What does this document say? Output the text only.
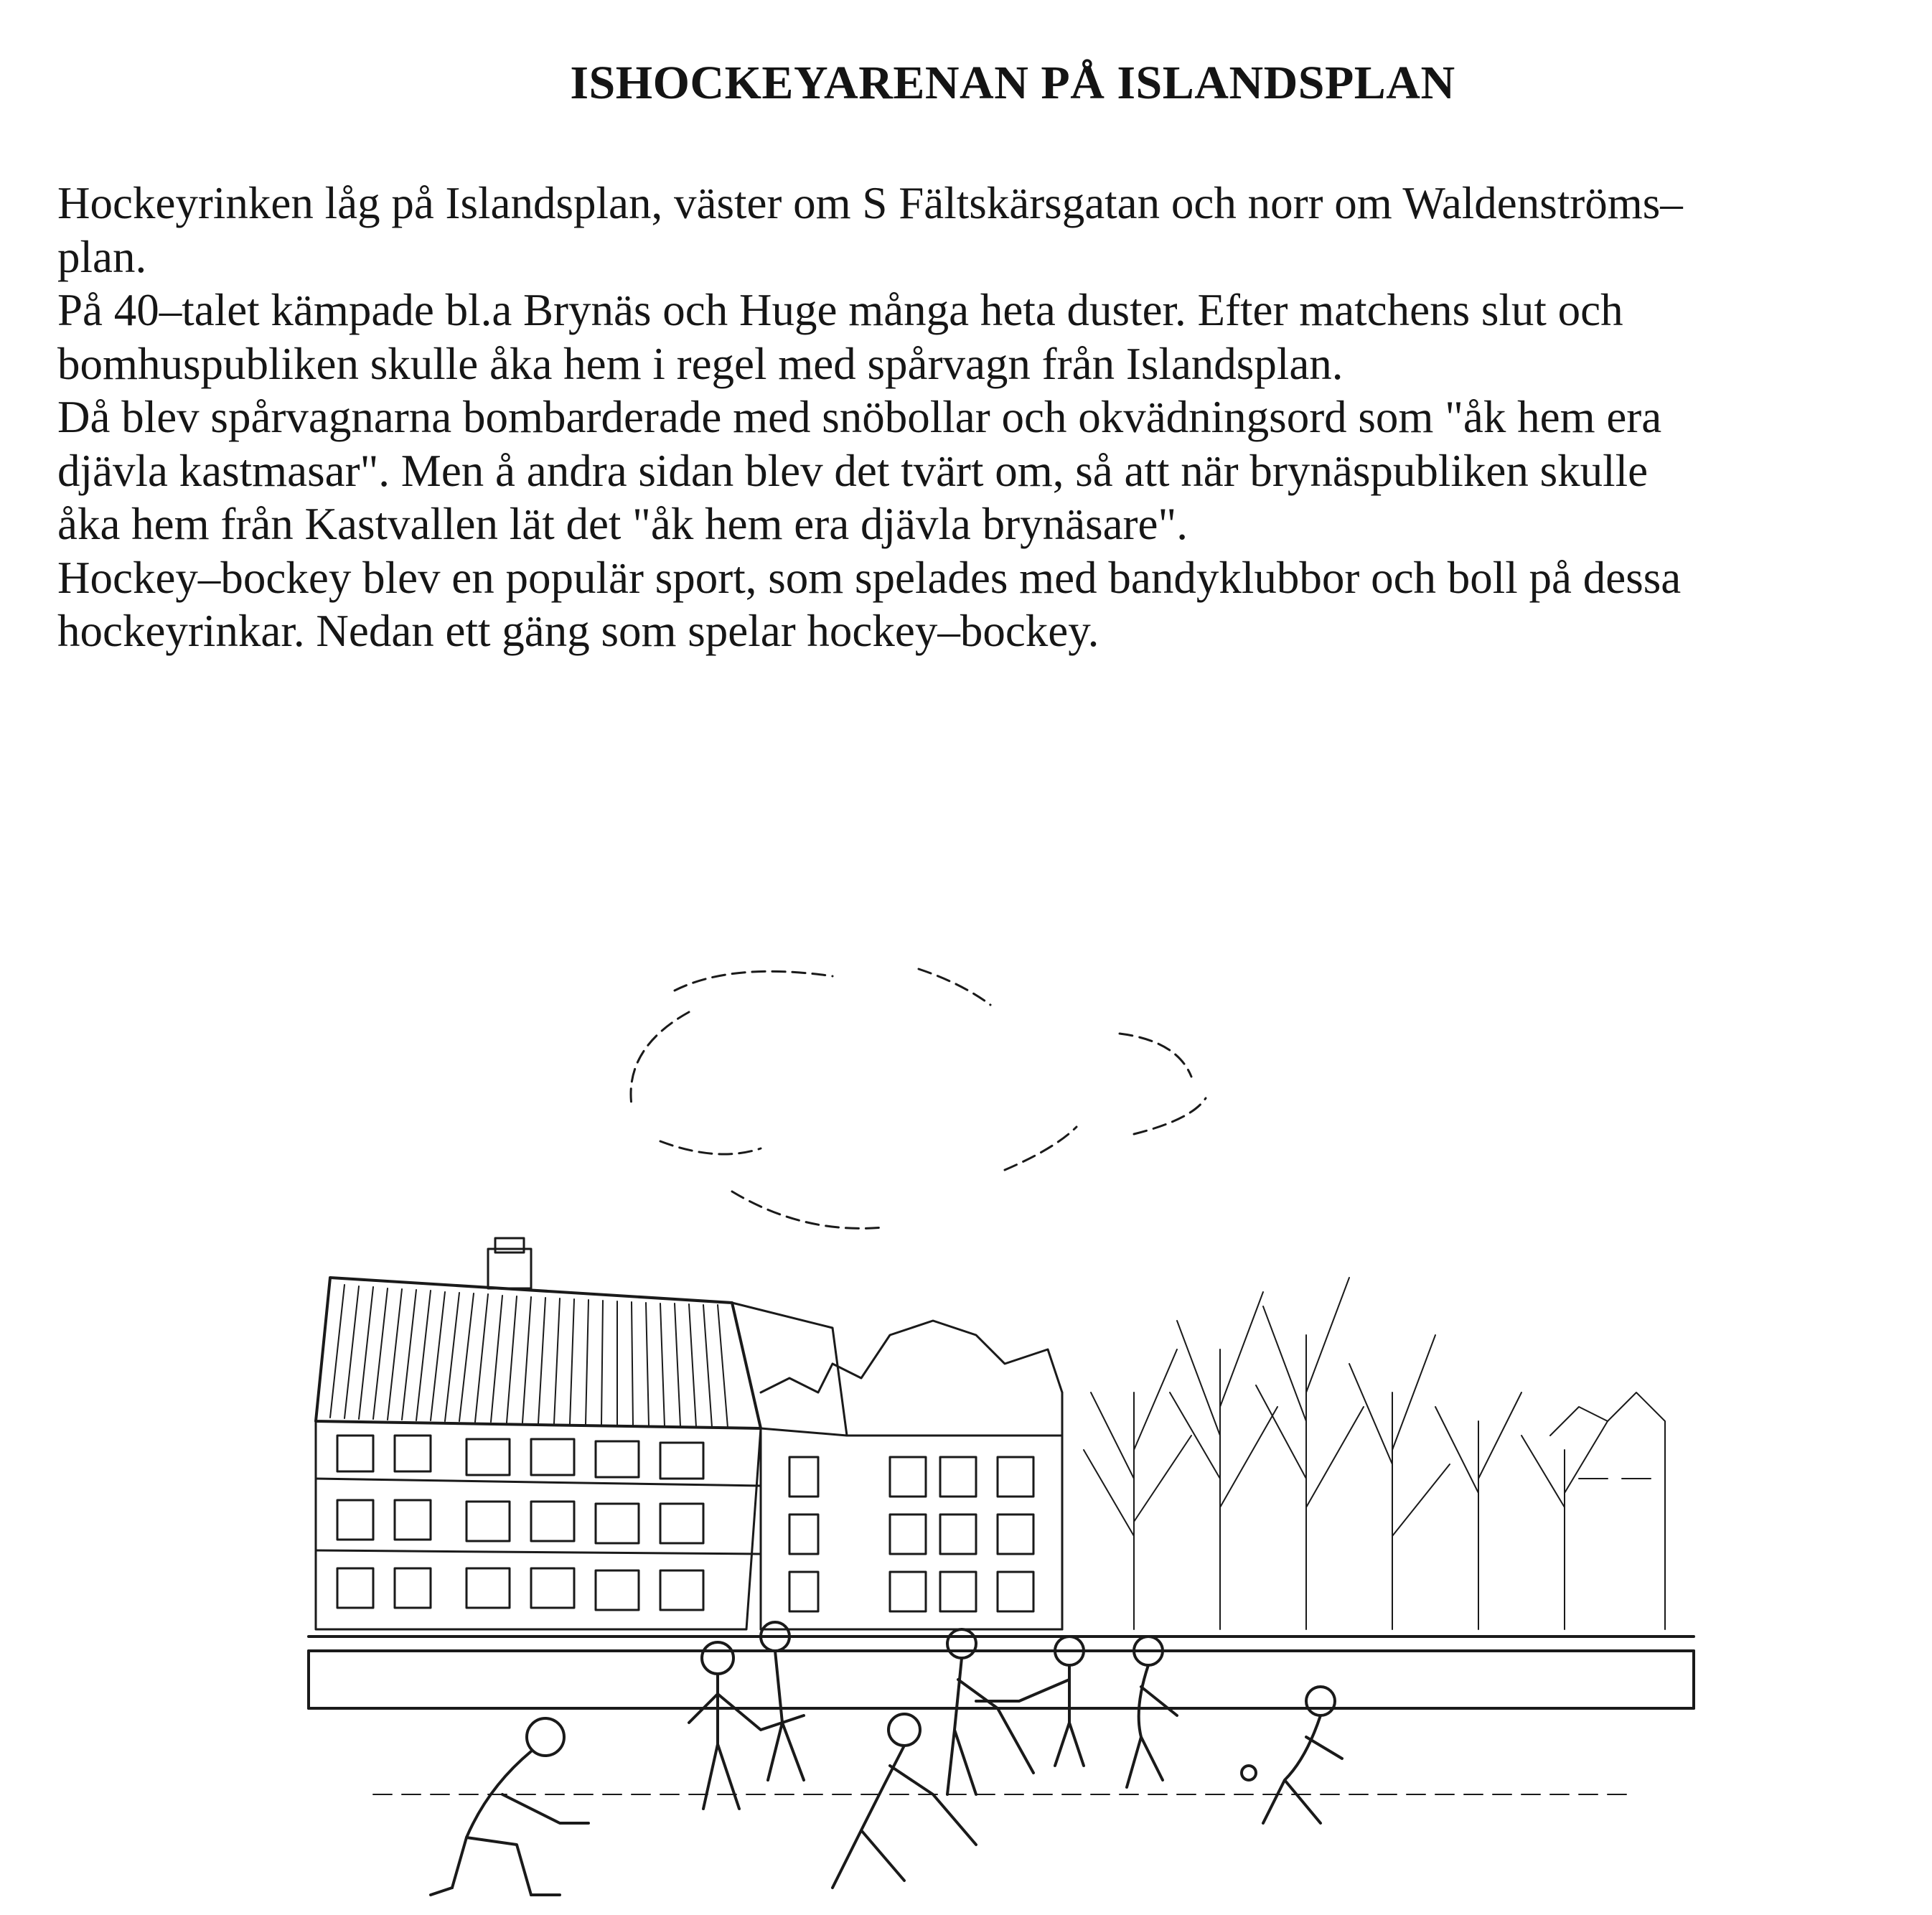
ISHOCKEYARENAN PÅ ISLANDSPLAN

Hockeyrinken låg på Islandsplan, väster om S Fältskärsgatan och norr om Waldenströms–

plan.

På 40–talet kämpade bl.a Brynäs och Huge många heta duster. Efter matchens slut och

bomhuspubliken skulle åka hem i regel med spårvagn från Islandsplan.

Då blev spårvagnarna bombarderade med snöbollar och okvädningsord som "åk hem era

djävla kastmasar". Men å andra sidan blev det tvärt om, så att när brynäspubliken skulle

åka hem från Kastvallen lät det "åk hem era djävla brynäsare".

Hockey–bockey blev en populär sport, som spelades med bandyklubbor och boll på dessa

hockeyrinkar. Nedan ett gäng som spelar hockey–bockey.
